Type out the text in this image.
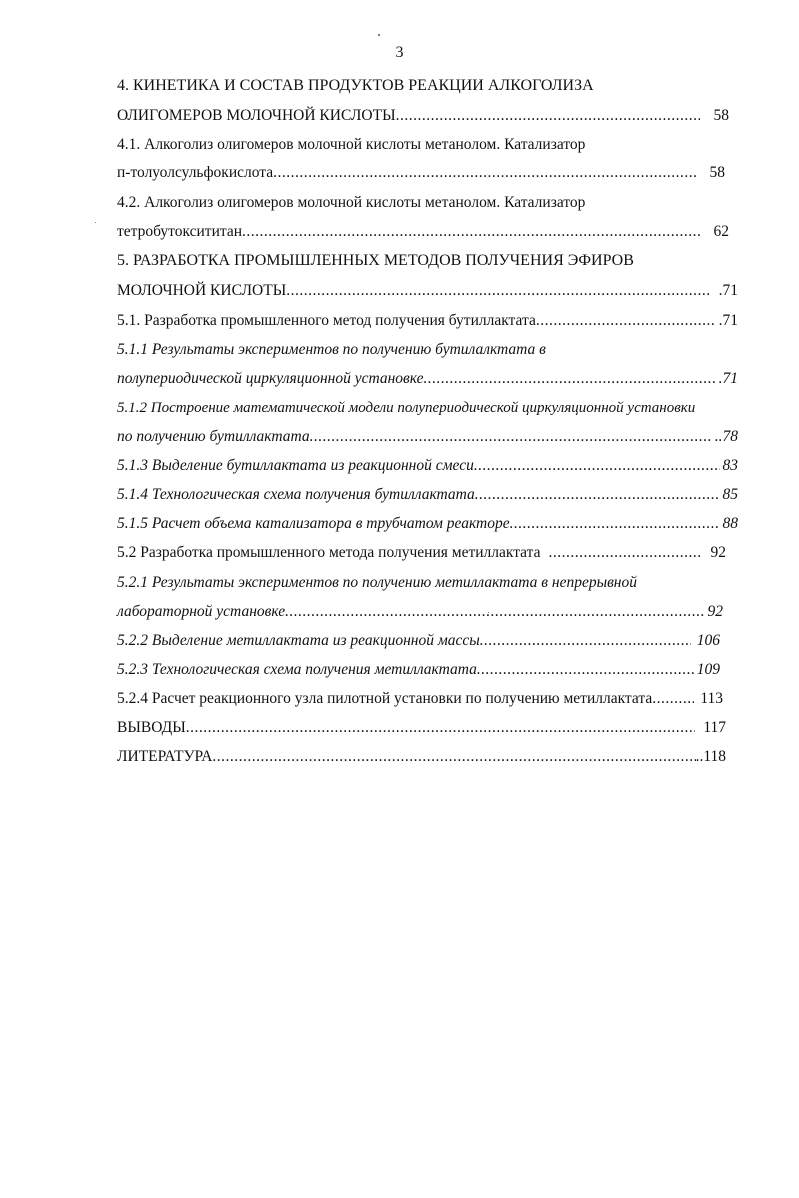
3
4. КИНЕТИКА И СОСТАВ ПРОДУКТОВ РЕАКЦИИ АЛКОГОЛИЗА
ОЛИГОМЕРОВ МОЛОЧНОЙ КИСЛОТЫ .....	58
4.1. Алкоголиз олигомеров молочной кислоты метанолом. Катализатор
п-толуолсульфокислота .....	58
4.2. Алкоголиз олигомеров молочной кислоты метанолом. Катализатор
тетробутоксититан .....	62
5. РАЗРАБОТКА ПРОМЫШЛЕННЫХ МЕТОДОВ ПОЛУЧЕНИЯ ЭФИРОВ
МОЛОЧНОЙ КИСЛОТЫ .....	.71
5.1. Разработка промышленного метод получения бутиллактата .....	.71
5.1.1 Результаты экспериментов по получению бутилалктата в
полупериодической циркуляционной установке .....	.71
5.1.2 Построение математической модели полупериодической циркуляционной установки
по получению бутиллактата .....	..78
5.1.3 Выделение бутиллактата из реакционной смеси .....	83
5.1.4 Технологическая схема получения бутиллактата .....	85
5.1.5 Расчет объема катализатора в трубчатом реакторе .....	88
5.2 Разработка промышленного метода получения метиллактата .....	92
5.2.1 Результаты экспериментов по получению метиллактата в непрерывной
лабораторной установке .....	92
5.2.2 Выделение метиллактата из реакционной массы .....	106
5.2.3 Технологическая схема получения метиллактата .....	109
5.2.4 Расчет реакционного узла пилотной установки по получению метиллактата .....	113
ВЫВОДЫ .....	117
ЛИТЕРАТУРА .....	..118
